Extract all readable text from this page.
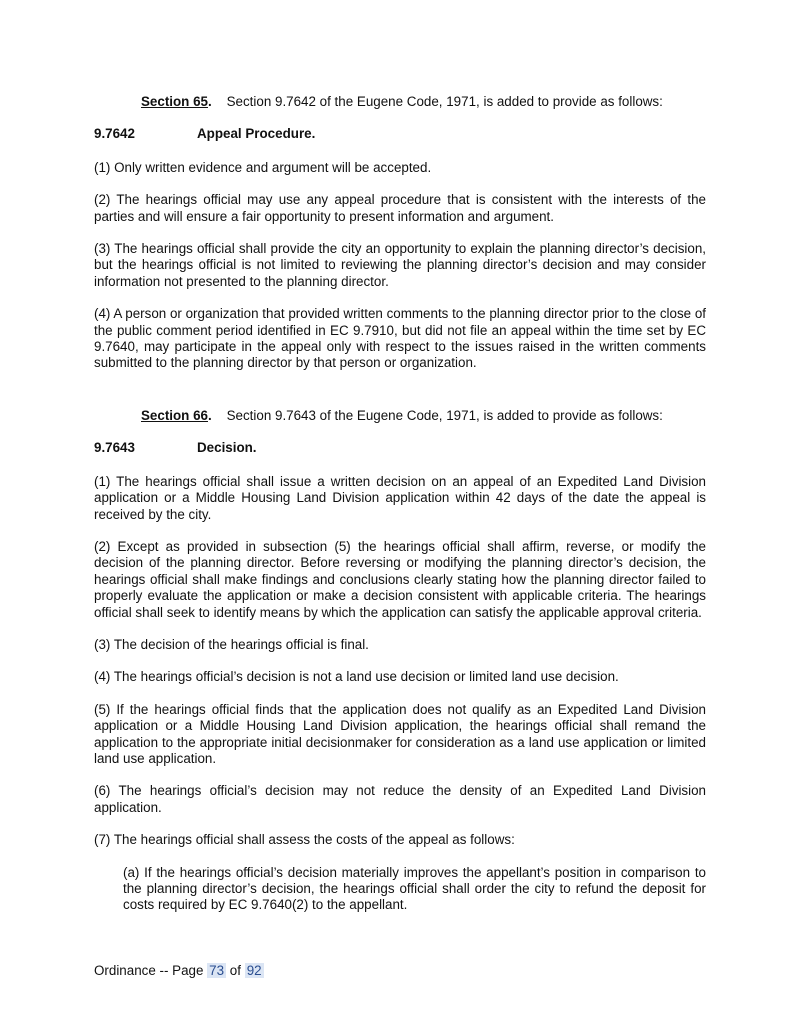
Section 65. Section 9.7642 of the Eugene Code, 1971, is added to provide as follows:

9.7642	Appeal Procedure.

(1) Only written evidence and argument will be accepted.

(2) The hearings official may use any appeal procedure that is consistent with the interests of the parties and will ensure a fair opportunity to present information and argument.

(3) The hearings official shall provide the city an opportunity to explain the planning director’s decision, but the hearings official is not limited to reviewing the planning director’s decision and may consider information not presented to the planning director.

(4) A person or organization that provided written comments to the planning director prior to the close of the public comment period identified in EC 9.7910, but did not file an appeal within the time set by EC 9.7640, may participate in the appeal only with respect to the issues raised in the written comments submitted to the planning director by that person or organization.

Section 66. Section 9.7643 of the Eugene Code, 1971, is added to provide as follows:

9.7643	Decision.

(1) The hearings official shall issue a written decision on an appeal of an Expedited Land Division application or a Middle Housing Land Division application within 42 days of the date the appeal is received by the city.

(2) Except as provided in subsection (5) the hearings official shall affirm, reverse, or modify the decision of the planning director. Before reversing or modifying the planning director’s decision, the hearings official shall make findings and conclusions clearly stating how the planning director failed to properly evaluate the application or make a decision consistent with applicable criteria. The hearings official shall seek to identify means by which the application can satisfy the applicable approval criteria.

(3) The decision of the hearings official is final.

(4) The hearings official’s decision is not a land use decision or limited land use decision.

(5) If the hearings official finds that the application does not qualify as an Expedited Land Division application or a Middle Housing Land Division application, the hearings official shall remand the application to the appropriate initial decisionmaker for consideration as a land use application or limited land use application.

(6) The hearings official’s decision may not reduce the density of an Expedited Land Division application.

(7) The hearings official shall assess the costs of the appeal as follows:

(a) If the hearings official’s decision materially improves the appellant’s position in comparison to the planning director’s decision, the hearings official shall order the city to refund the deposit for costs required by EC 9.7640(2) to the appellant.

Ordinance -- Page 73 of 92
